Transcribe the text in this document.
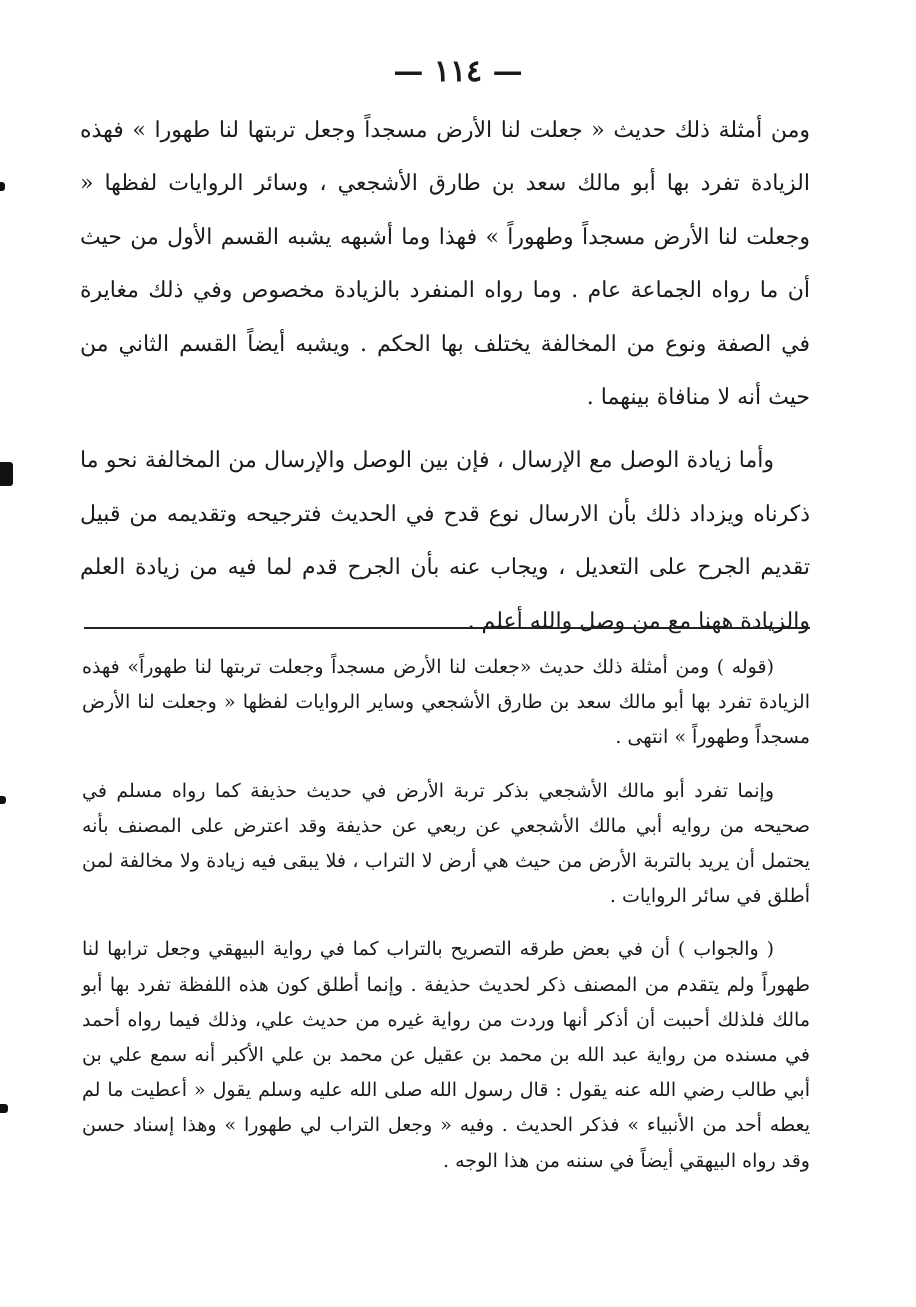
— ١١٤ —

ومن أمثلة ذلك حديث « جعلت لنا الأرض مسجداً وجعل تربتها لنا طهورا » فهذه الزيادة تفرد بها أبو مالك سعد بن طارق الأشجعي ، وسائر الروايات لفظها « وجعلت لنا الأرض مسجداً وطهوراً » فهذا وما أشبهه يشبه القسم الأول من حيث أن ما رواه الجماعة عام . وما رواه المنفرد بالزيادة مخصوص وفي ذلك مغايرة في الصفة ونوع من المخالفة يختلف بها الحكم . ويشبه أيضاً القسم الثاني من حيث أنه لا منافاة بينهما .

وأما زيادة الوصل مع الإرسال ، فإن بين الوصل والإرسال من المخالفة نحو ما ذكرناه ويزداد ذلك بأن الارسال نوع قدح في الحديث فترجيحه وتقديمه من قبيل تقديم الجرح على التعديل ، ويجاب عنه بأن الجرح قدم لما فيه من زيادة العلم والزيادة ههنا مع من وصل والله أعلم .

(قوله ) ومن أمثلة ذلك حديث «جعلت لنا الأرض مسجداً وجعلت تربتها لنا طهوراً» فهذه الزيادة تفرد بها أبو مالك سعد بن طارق الأشجعي وساير الروايات لفظها « وجعلت لنا الأرض مسجداً وطهوراً » انتهى .

وإنما تفرد أبو مالك الأشجعي بذكر تربة الأرض في حديث حذيفة كما رواه مسلم في صحيحه من روايه أبي مالك الأشجعي عن ربعي عن حذيفة وقد اعترض على المصنف بأنه يحتمل أن يريد بالتربة الأرض من حيث هي أرض لا التراب ، فلا يبقى فيه زيادة ولا مخالفة لمن أطلق في سائر الروايات .

( والجواب ) أن في بعض طرقه التصريح بالتراب كما في رواية البيهقي وجعل ترابها لنا طهوراً ولم يتقدم من المصنف ذكر لحديث حذيفة . وإنما أطلق كون هذه اللفظة تفرد بها أبو مالك فلذلك أحببت أن أذكر أنها وردت من رواية غيره من حديث علي، وذلك فيما رواه أحمد في مسنده من رواية عبد الله بن محمد بن عقيل عن محمد بن علي الأكبر أنه سمع علي بن أبي طالب رضي الله عنه يقول : قال رسول الله صلى الله عليه وسلم يقول « أعطيت ما لم يعطه أحد من الأنبياء » فذكر الحديث . وفيه « وجعل التراب لي طهورا » وهذا إسناد حسن وقد رواه البيهقي أيضاً في سننه من هذا الوجه .
